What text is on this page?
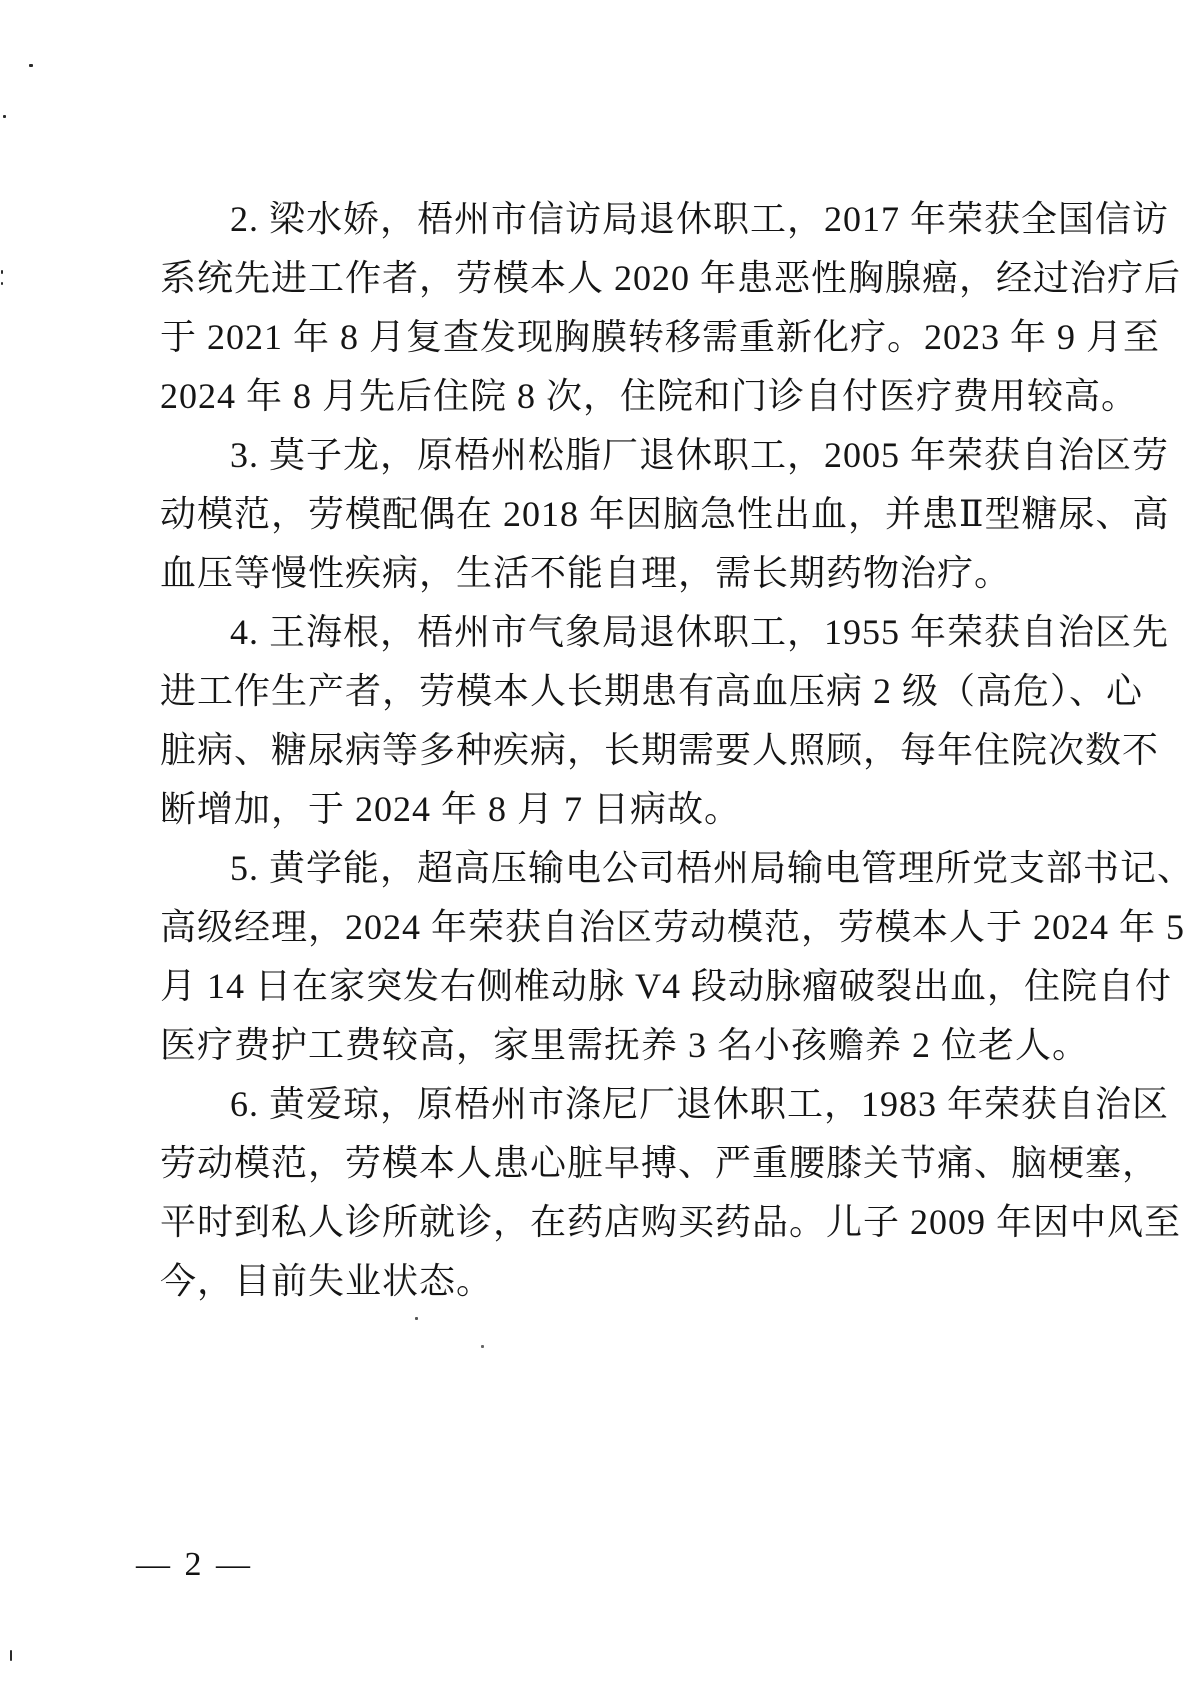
2. 梁水娇，梧州市信访局退休职工，2017 年荣获全国信访
系统先进工作者，劳模本人 2020 年患恶性胸腺癌，经过治疗后
于 2021 年 8 月复查发现胸膜转移需重新化疗。2023 年 9 月至
2024 年 8 月先后住院 8 次，住院和门诊自付医疗费用较高。

3. 莫子龙，原梧州松脂厂退休职工，2005 年荣获自治区劳
动模范，劳模配偶在 2018 年因脑急性出血，并患Ⅱ型糖尿、高
血压等慢性疾病，生活不能自理，需长期药物治疗。

4. 王海根，梧州市气象局退休职工，1955 年荣获自治区先
进工作生产者，劳模本人长期患有高血压病 2 级（高危）、心
脏病、糖尿病等多种疾病，长期需要人照顾，每年住院次数不
断增加，于 2024 年 8 月 7 日病故。

5. 黄学能，超高压输电公司梧州局输电管理所党支部书记、
高级经理，2024 年荣获自治区劳动模范，劳模本人于 2024 年 5
月 14 日在家突发右侧椎动脉 V4 段动脉瘤破裂出血，住院自付
医疗费护工费较高，家里需抚养 3 名小孩赡养 2 位老人。

6. 黄爱琼，原梧州市涤尼厂退休职工，1983 年荣获自治区
劳动模范，劳模本人患心脏早搏、严重腰膝关节痛、脑梗塞，
平时到私人诊所就诊，在药店购买药品。儿子 2009 年因中风至
今，目前失业状态。

— 2 —
